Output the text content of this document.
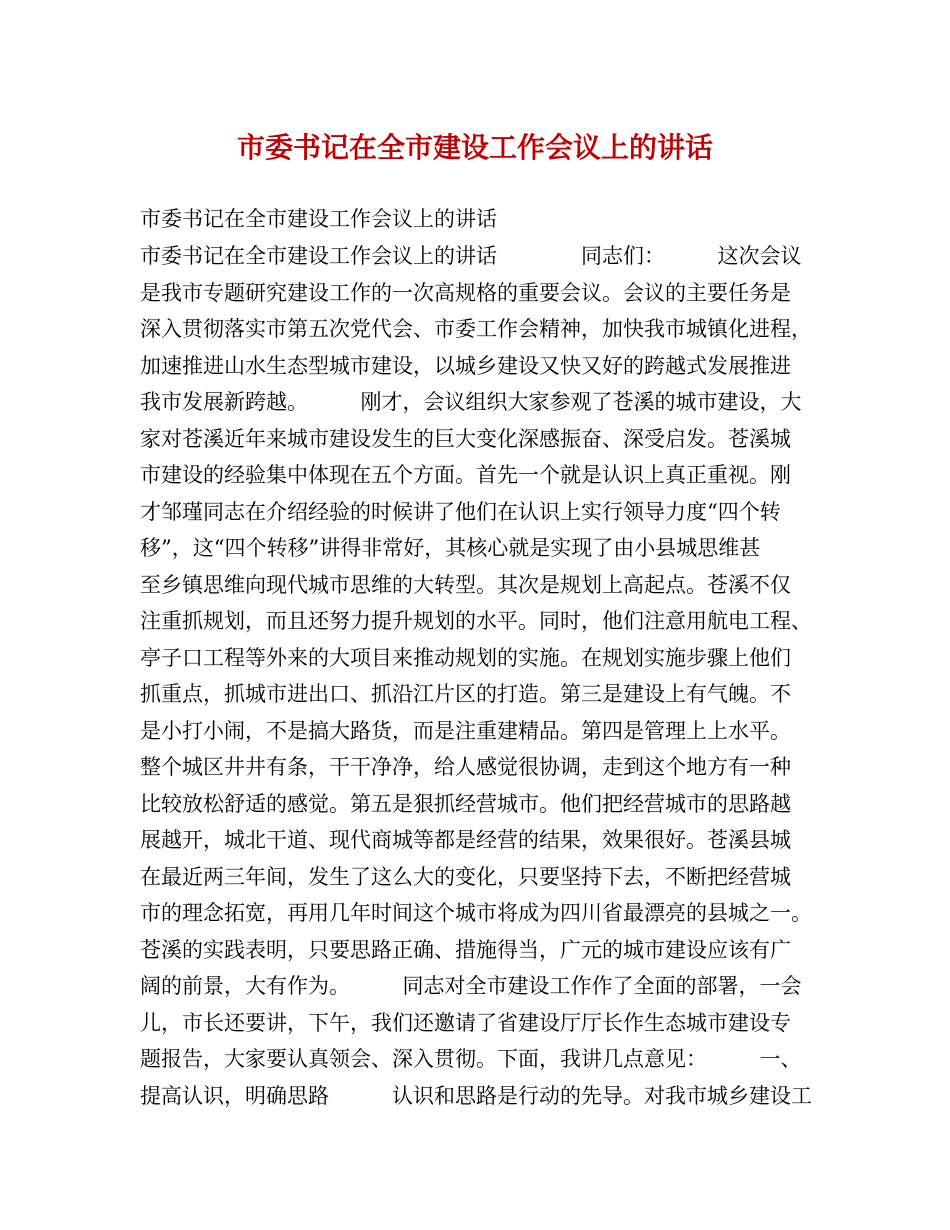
市委书记在全市建设工作会议上的讲话
市委书记在全市建设工作会议上的讲话
市委书记在全市建设工作会议上的讲话　　　　同志们：　　　这次会议
是我市专题研究建设工作的一次高规格的重要会议。会议的主要任务是
深入贯彻落实市第五次党代会、市委工作会精神，加快我市城镇化进程，
加速推进山水生态型城市建设，以城乡建设又快又好的跨越式发展推进
我市发展新跨越。　　　刚才，会议组织大家参观了苍溪的城市建设，大
家对苍溪近年来城市建设发生的巨大变化深感振奋、深受启发。苍溪城
市建设的经验集中体现在五个方面。首先一个就是认识上真正重视。刚
才邹瑾同志在介绍经验的时候讲了他们在认识上实行领导力度“四个转
移”，这“四个转移”讲得非常好，其核心就是实现了由小县城思维甚
至乡镇思维向现代城市思维的大转型。其次是规划上高起点。苍溪不仅
注重抓规划，而且还努力提升规划的水平。同时，他们注意用航电工程、
亭子口工程等外来的大项目来推动规划的实施。在规划实施步骤上他们
抓重点，抓城市进出口、抓沿江片区的打造。第三是建设上有气魄。不
是小打小闹，不是搞大路货，而是注重建精品。第四是管理上上水平。
整个城区井井有条，干干净净，给人感觉很协调，走到这个地方有一种
比较放松舒适的感觉。第五是狠抓经营城市。他们把经营城市的思路越
展越开，城北干道、现代商城等都是经营的结果，效果很好。苍溪县城
在最近两三年间，发生了这么大的变化，只要坚持下去，不断把经营城
市的理念拓宽，再用几年时间这个城市将成为四川省最漂亮的县城之一。
苍溪的实践表明，只要思路正确、措施得当，广元的城市建设应该有广
阔的前景，大有作为。　　　同志对全市建设工作作了全面的部署，一会
儿，市长还要讲，下午，我们还邀请了省建设厅厅长作生态城市建设专
题报告，大家要认真领会、深入贯彻。下面，我讲几点意见：　　　一、
提高认识，明确思路　　　认识和思路是行动的先导。对我市城乡建设工
